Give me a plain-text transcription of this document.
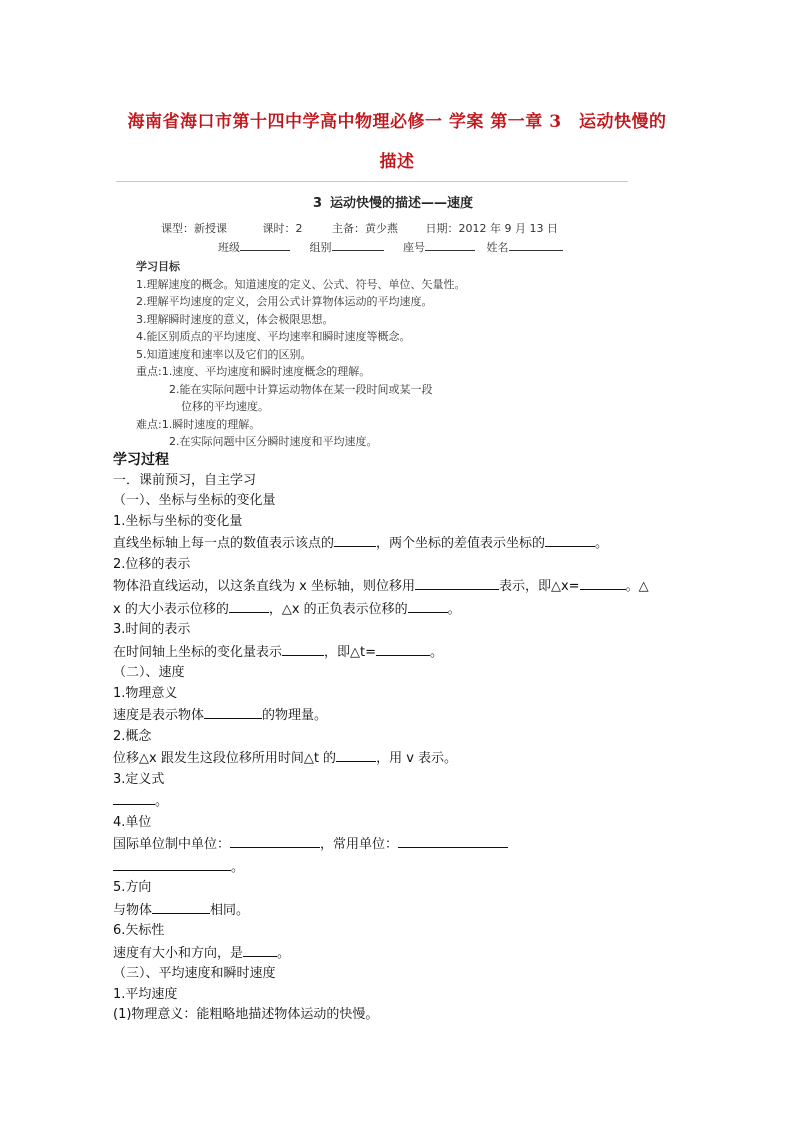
海南省海口市第十四中学高中物理必修一 学案 第一章 3　运动快慢的
描述
3 运动快慢的描述——速度
课型：新授课	课时：2	主备：黄少燕	日期：2012 年 9 月 13 日
班级	组别	座号	姓名
学习目标
1.理解速度的概念。知道速度的定义、公式、符号、单位、矢量性。
2.理解平均速度的定义，会用公式计算物体运动的平均速度。
3.理解瞬时速度的意义，体会极限思想。
4.能区别质点的平均速度、平均速率和瞬时速度等概念。
5.知道速度和速率以及它们的区别。
重点:1.速度、平均速度和瞬时速度概念的理解。
2.能在实际问题中计算运动物体在某一段时间或某一段
位移的平均速度。
难点:1.瞬时速度的理解。
2.在实际问题中区分瞬时速度和平均速度。
学习过程
一．课前预习，自主学习
（一）、坐标与坐标的变化量
1.坐标与坐标的变化量
直线坐标轴上每一点的数值表示该点的	，两个坐标的差值表示坐标的	。
2.位移的表示
物体沿直线运动，以这条直线为 x 坐标轴，则位移用	表示，即△x=	。△
x 的大小表示位移的	，△x 的正负表示位移的	。
3.时间的表示
在时间轴上坐标的变化量表示	，即△t=	。
（二）、速度
1.物理意义
速度是表示物体	的物理量。
2.概念
位移△x 跟发生这段位移所用时间△t 的	，用 v 表示。
3.定义式
。
4.单位
国际单位制中单位：	，常用单位：
。
5.方向
与物体	相同。
6.矢标性
速度有大小和方向，是	。
（三）、平均速度和瞬时速度
1.平均速度
(1)物理意义：能粗略地描述物体运动的快慢。
